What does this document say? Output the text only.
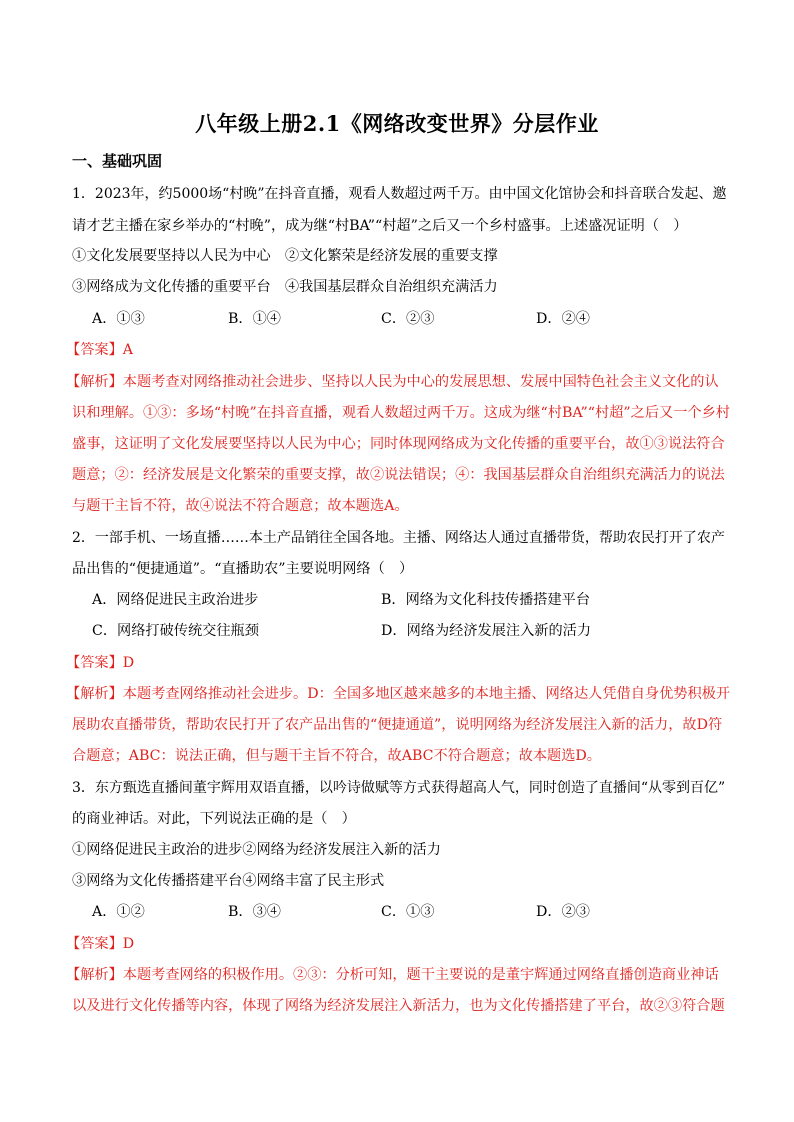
八年级上册2.1《网络改变世界》分层作业
一、基础巩固
1．2023年，约5000场“村晚”在抖音直播，观看人数超过两千万。由中国文化馆协会和抖音联合发起、邀
请才艺主播在家乡举办的“村晚”，成为继“村BA”“村超”之后又一个乡村盛事。上述盛况证明（　）
①文化发展要坚持以人民为中心　②文化繁荣是经济发展的重要支撑
③网络成为文化传播的重要平台　④我国基层群众自治组织充满活力
A．①③	B．①④	C．②③	D．②④
【答案】A
【解析】本题考查对网络推动社会进步、坚持以人民为中心的发展思想、发展中国特色社会主义文化的认
识和理解。①③：多场“村晚”在抖音直播，观看人数超过两千万。这成为继“村BA”“村超”之后又一个乡村
盛事，这证明了文化发展要坚持以人民为中心；同时体现网络成为文化传播的重要平台，故①③说法符合
题意；②：经济发展是文化繁荣的重要支撑，故②说法错误；④：我国基层群众自治组织充满活力的说法
与题干主旨不符，故④说法不符合题意；故本题选A。
2．一部手机、一场直播……本土产品销往全国各地。主播、网络达人通过直播带货，帮助农民打开了农产
品出售的“便捷通道”。“直播助农”主要说明网络（　）
A．网络促进民主政治进步	B．网络为文化科技传播搭建平台
C．网络打破传统交往瓶颈	D．网络为经济发展注入新的活力
【答案】D
【解析】本题考查网络推动社会进步。D：全国多地区越来越多的本地主播、网络达人凭借自身优势积极开
展助农直播带货，帮助农民打开了农产品出售的“便捷通道”，说明网络为经济发展注入新的活力，故D符
合题意；ABC：说法正确，但与题干主旨不符合，故ABC不符合题意；故本题选D。
3．东方甄选直播间董宇辉用双语直播，以吟诗做赋等方式获得超高人气，同时创造了直播间“从零到百亿”
的商业神话。对此，下列说法正确的是（　）
①网络促进民主政治的进步②网络为经济发展注入新的活力
③网络为文化传播搭建平台④网络丰富了民主形式
A．①②	B．③④	C．①③	D．②③
【答案】D
【解析】本题考查网络的积极作用。②③：分析可知，题干主要说的是董宇辉通过网络直播创造商业神话
以及进行文化传播等内容，体现了网络为经济发展注入新活力，也为文化传播搭建了平台，故②③符合题
